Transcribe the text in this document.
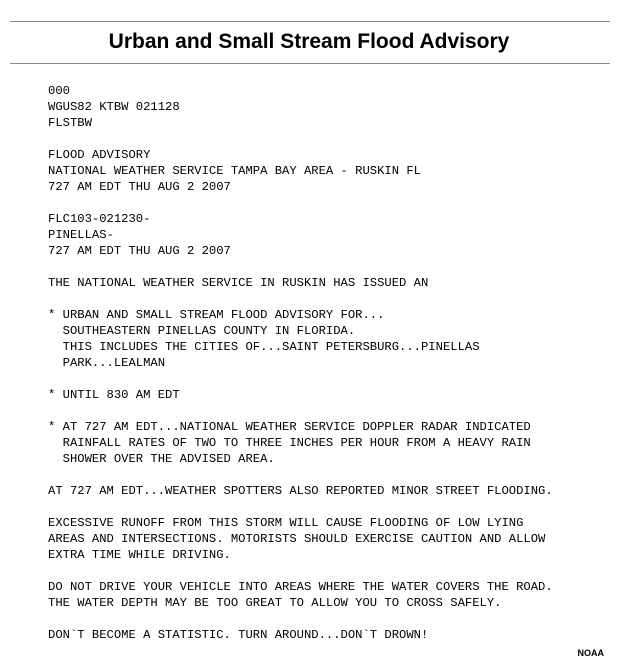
Urban and Small Stream Flood Advisory
000
WGUS82 KTBW 021128
FLSTBW
FLOOD ADVISORY
NATIONAL WEATHER SERVICE TAMPA BAY AREA - RUSKIN FL
727 AM EDT THU AUG 2 2007
FLC103-021230-
PINELLAS-
727 AM EDT THU AUG 2 2007
THE NATIONAL WEATHER SERVICE IN RUSKIN HAS ISSUED AN
* URBAN AND SMALL STREAM FLOOD ADVISORY FOR...
SOUTHEASTERN PINELLAS COUNTY IN FLORIDA.
THIS INCLUDES THE CITIES OF...SAINT PETERSBURG...PINELLAS
PARK...LEALMAN
* UNTIL 830 AM EDT
* AT 727 AM EDT...NATIONAL WEATHER SERVICE DOPPLER RADAR INDICATED
RAINFALL RATES OF TWO TO THREE INCHES PER HOUR FROM A HEAVY RAIN
SHOWER OVER THE ADVISED AREA.
AT 727 AM EDT...WEATHER SPOTTERS ALSO REPORTED MINOR STREET FLOODING.
EXCESSIVE RUNOFF FROM THIS STORM WILL CAUSE FLOODING OF LOW LYING
AREAS AND INTERSECTIONS. MOTORISTS SHOULD EXERCISE CAUTION AND ALLOW
EXTRA TIME WHILE DRIVING.
DO NOT DRIVE YOUR VEHICLE INTO AREAS WHERE THE WATER COVERS THE ROAD.
THE WATER DEPTH MAY BE TOO GREAT TO ALLOW YOU TO CROSS SAFELY.
DON`T BECOME A STATISTIC. TURN AROUND...DON`T DROWN!
NOAA
